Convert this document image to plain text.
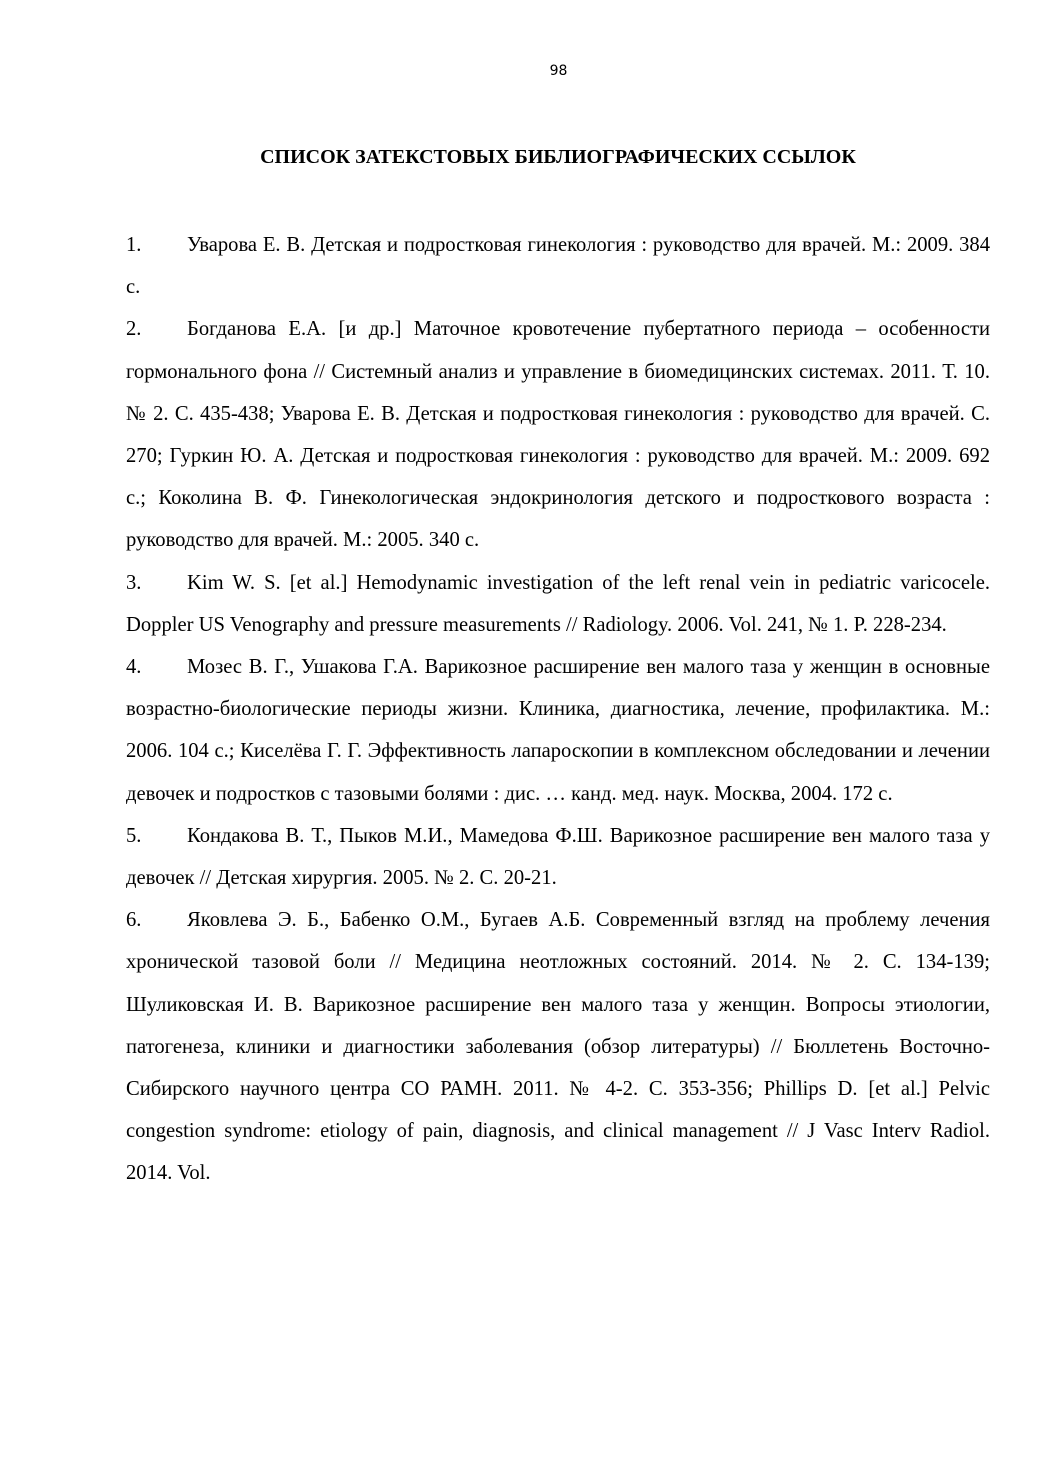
98
СПИСОК ЗАТЕКСТОВЫХ БИБЛИОГРАФИЧЕСКИХ ССЫЛОК
1. Уварова Е. В. Детская и подростковая гинекология : руководство для врачей. М.: 2009. 384 с.
2. Богданова Е.А. [и др.] Маточное кровотечение пубертатного периода – особенности гормонального фона // Системный анализ и управление в биомедицинских системах. 2011. Т. 10. № 2. С. 435-438; Уварова Е. В. Детская и подростковая гинекология : руководство для врачей. С. 270; Гуркин Ю. А. Детская и подростковая гинекология : руководство для врачей. М.: 2009. 692 с.; Коколина В. Ф. Гинекологическая эндокринология детского и подросткового возраста : руководство для врачей. М.: 2005. 340 с.
3. Kim W. S. [et al.] Hemodynamic investigation of the left renal vein in pediatric varicocele. Doppler US Venography and pressure measurements // Radiology. 2006. Vol. 241, № 1. P. 228-234.
4. Мозес В. Г., Ушакова Г.А. Варикозное расширение вен малого таза у женщин в основные возрастно-биологические периоды жизни. Клиника, диагностика, лечение, профилактика. М.: 2006. 104 с.; Киселёва Г. Г. Эффективность лапароскопии в комплексном обследовании и лечении девочек и подростков с тазовыми болями : дис. … канд. мед. наук. Москва, 2004. 172 с.
5. Кондакова В. Т., Пыков М.И., Мамедова Ф.Ш. Варикозное расширение вен малого таза у девочек // Детская хирургия. 2005. № 2. С. 20-21.
6. Яковлева Э. Б., Бабенко О.М., Бугаев А.Б. Современный взгляд на проблему лечения хронической тазовой боли // Медицина неотложных состояний. 2014. № 2. С. 134-139; Шуликовская И. В. Варикозное расширение вен малого таза у женщин. Вопросы этиологии, патогенеза, клиники и диагностики заболевания (обзор литературы) // Бюллетень Восточно-Сибирского научного центра СО РАМН. 2011. № 4-2. С. 353-356; Phillips D. [et al.] Pelvic congestion syndrome: etiology of pain, diagnosis, and clinical management // J Vasc Interv Radiol. 2014. Vol.
